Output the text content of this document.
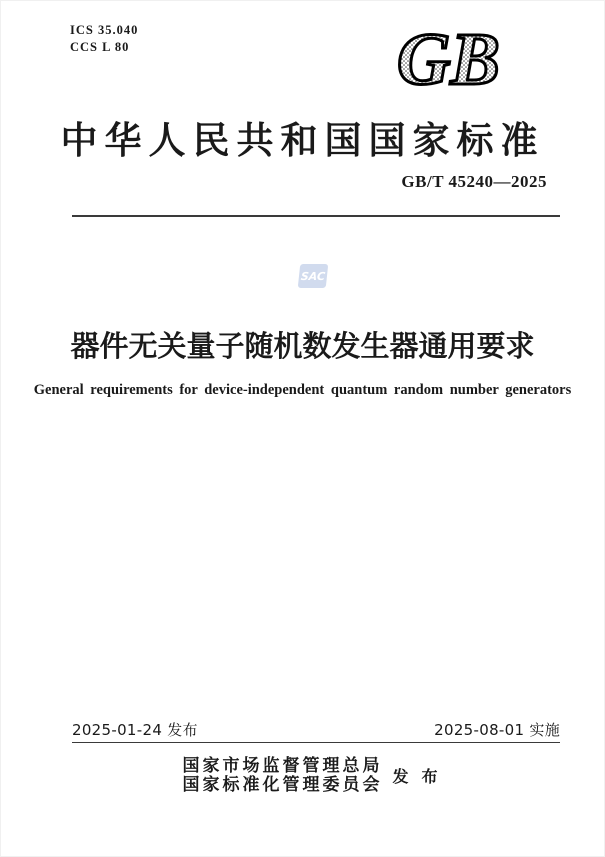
ICS 35.040
CCS L 80	GB
中华人民共和国国家标准
GB/T 45240—2025
SAC
器件无关量子随机数发生器通用要求
General requirements for device-independent quantum random number generators
2025-01-24 发布	2025-08-01 实施
国家市场监督管理总局
国家标准化管理委员会 发布
